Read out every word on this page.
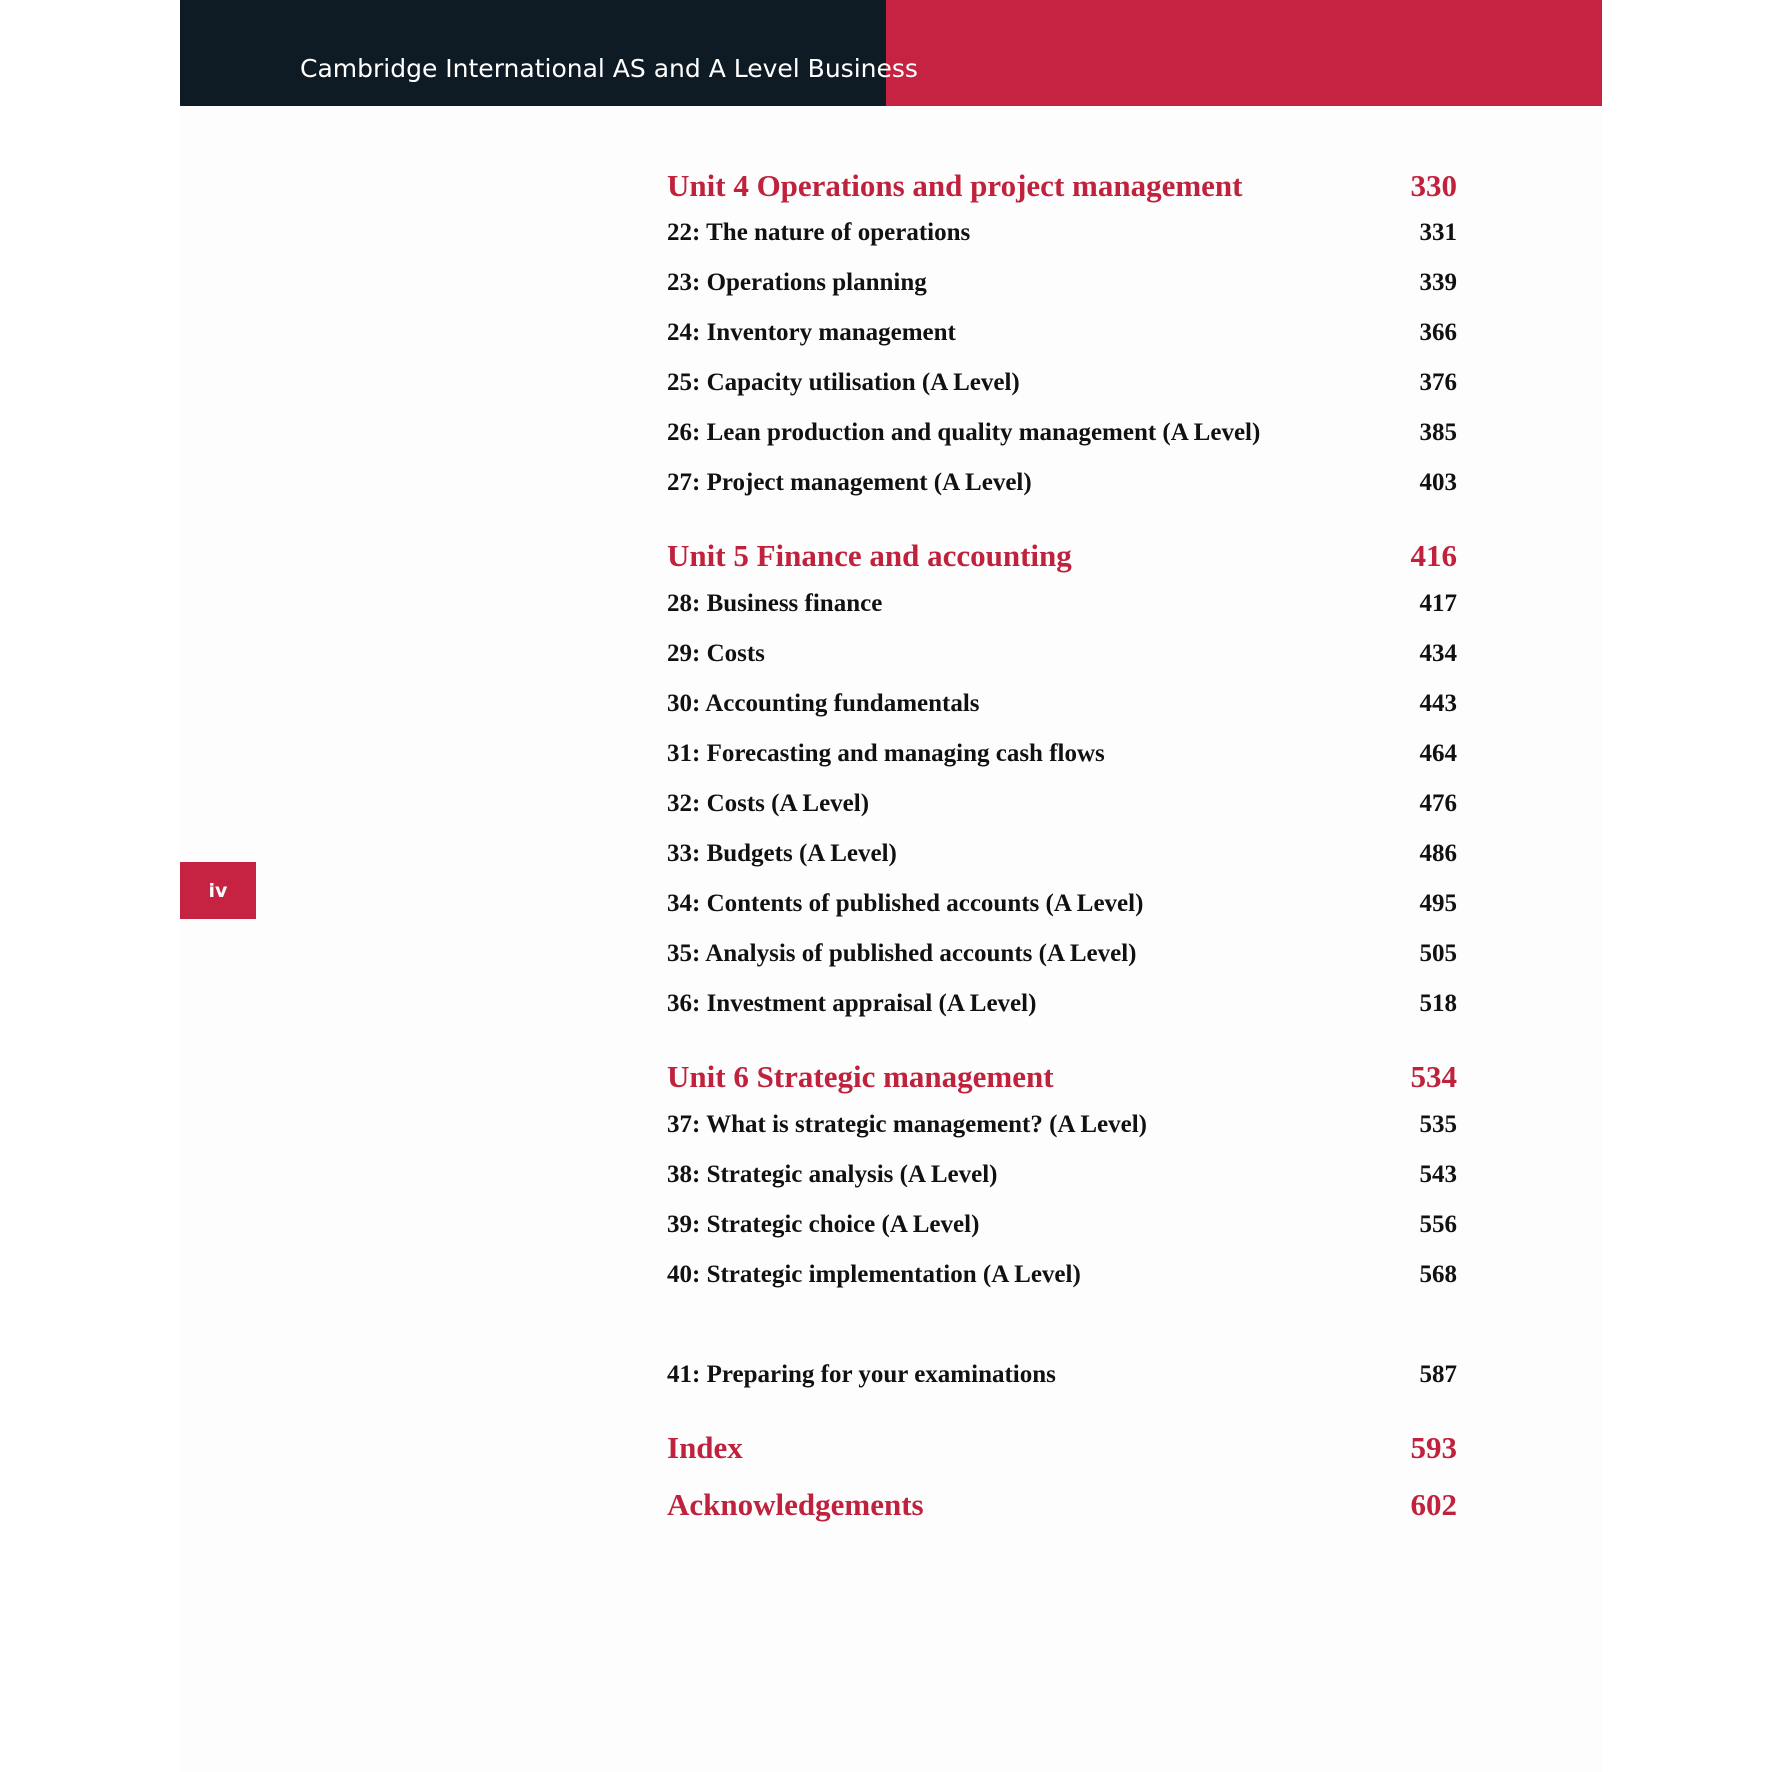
Cambridge International AS and A Level Business
iv
Unit 4 Operations and project management	330
22: The nature of operations	331
23: Operations planning	339
24: Inventory management	366
25: Capacity utilisation (A Level)	376
26: Lean production and quality management (A Level)	385
27: Project management (A Level)	403
Unit 5 Finance and accounting	416
28: Business finance	417
29: Costs	434
30: Accounting fundamentals	443
31: Forecasting and managing cash flows	464
32: Costs (A Level)	476
33: Budgets (A Level)	486
34: Contents of published accounts (A Level)	495
35: Analysis of published accounts (A Level)	505
36: Investment appraisal (A Level)	518
Unit 6 Strategic management	534
37: What is strategic management? (A Level)	535
38: Strategic analysis (A Level)	543
39: Strategic choice (A Level)	556
40: Strategic implementation (A Level)	568
41: Preparing for your examinations	587
Index	593
Acknowledgements	602
